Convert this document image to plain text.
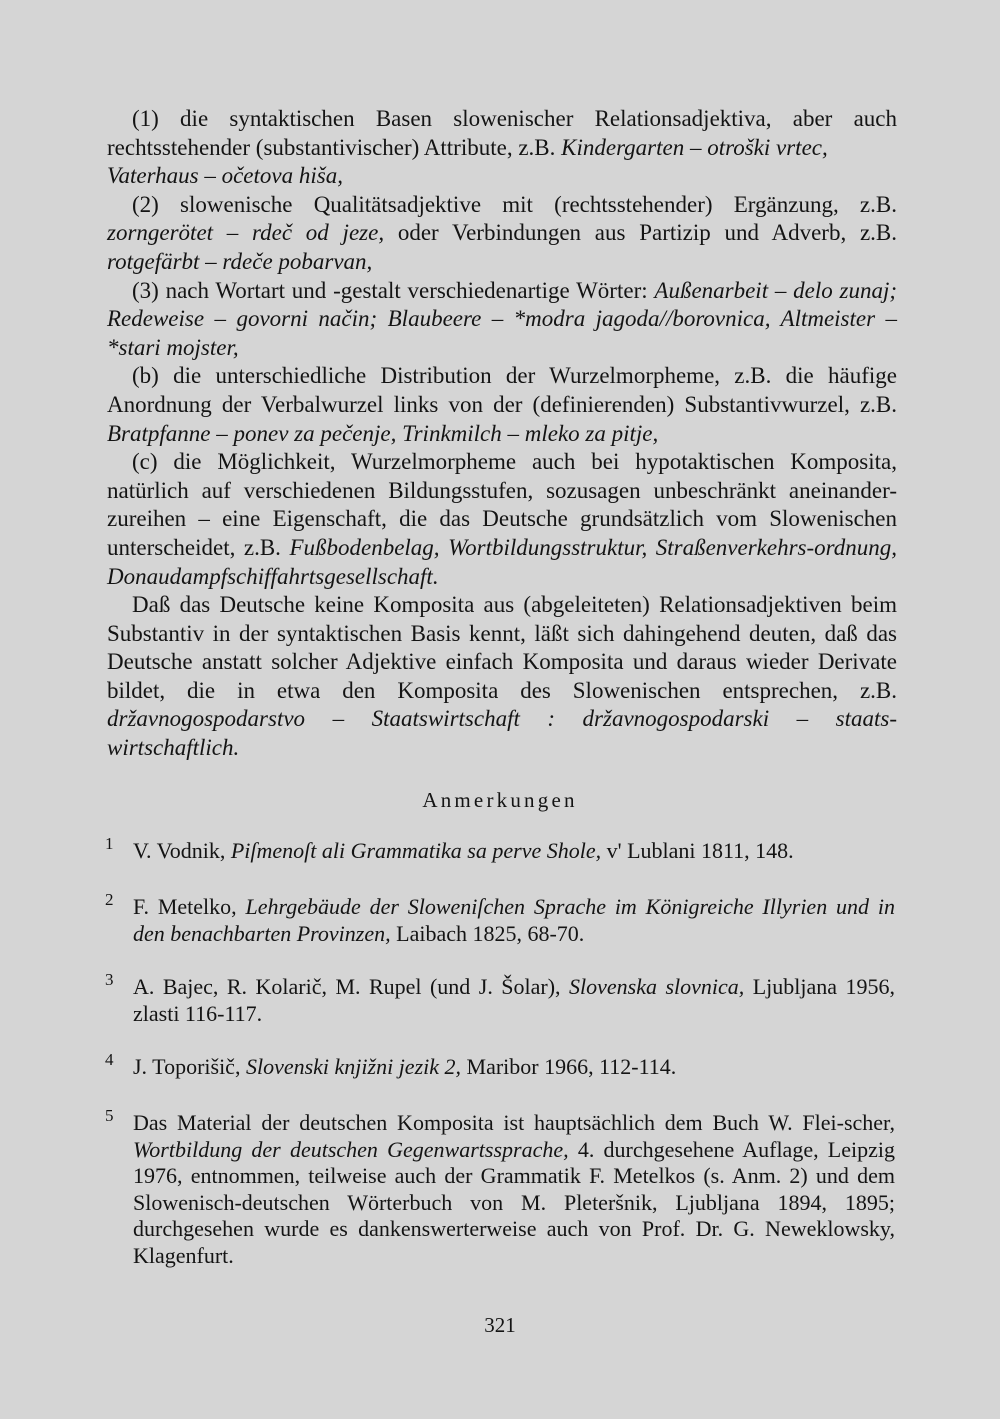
(1) die syntaktischen Basen slowenischer Relationsadjektiva, aber auch rechtsstehender (substantivischer) Attribute, z.B. Kindergarten – otroški vrtec,
Vaterhaus – očetova hiša,

(2) slowenische Qualitätsadjektive mit (rechtsstehender) Ergänzung, z.B. zorngerötet – rdeč od jeze, oder Verbindungen aus Partizip und Adverb, z.B. rotgefärbt – rdeče pobarvan,

(3) nach Wortart und -gestalt verschiedenartige Wörter: Außenarbeit – delo zunaj; Redeweise – govorni način; Blaubeere – *modra jagoda//borovnica, Altmeister – *stari mojster,

(b) die unterschiedliche Distribution der Wurzelmorpheme, z.B. die häufige Anordnung der Verbalwurzel links von der (definierenden) Substantivwurzel, z.B. Bratpfanne – ponev za pečenje, Trinkmilch – mleko za pitje,

(c) die Möglichkeit, Wurzelmorpheme auch bei hypotaktischen Komposita, natürlich auf verschiedenen Bildungsstufen, sozusagen unbeschränkt aneinander-zureihen – eine Eigenschaft, die das Deutsche grundsätzlich vom Slowenischen unterscheidet, z.B. Fußbodenbelag, Wortbildungsstruktur, Straßenverkehrs-ordnung, Donaudampfschiffahrtsgesellschaft.

Daß das Deutsche keine Komposita aus (abgeleiteten) Relationsadjektiven beim Substantiv in der syntaktischen Basis kennt, läßt sich dahingehend deuten, daß das Deutsche anstatt solcher Adjektive einfach Komposita und daraus wieder Derivate bildet, die in etwa den Komposita des Slowenischen entsprechen, z.B. državnogospodarstvo – Staatswirtschaft : državnogospodarski – staats-wirtschaftlich.

Anmerkungen
1 V. Vodnik, Piſmenoſt ali Grammatika sa perve Shole, v' Lublani 1811, 148.
2 F. Metelko, Lehrgebäude der Sloweniſchen Sprache im Königreiche Illyrien und in den benachbarten Provinzen, Laibach 1825, 68-70.
3 A. Bajec, R. Kolarič, M. Rupel (und J. Šolar), Slovenska slovnica, Ljubljana 1956, zlasti 116-117.
4 J. Toporišič, Slovenski knjižni jezik 2, Maribor 1966, 112-114.
5 Das Material der deutschen Komposita ist hauptsächlich dem Buch W. Flei-scher, Wortbildung der deutschen Gegenwartssprache, 4. durchgesehene Auflage, Leipzig 1976, entnommen, teilweise auch der Grammatik F. Metelkos (s. Anm. 2) und dem Slowenisch-deutschen Wörterbuch von M. Pleteršnik, Ljubljana 1894, 1895; durchgesehen wurde es dankenswerterweise auch von Prof. Dr. G. Neweklowsky, Klagenfurt.
321
